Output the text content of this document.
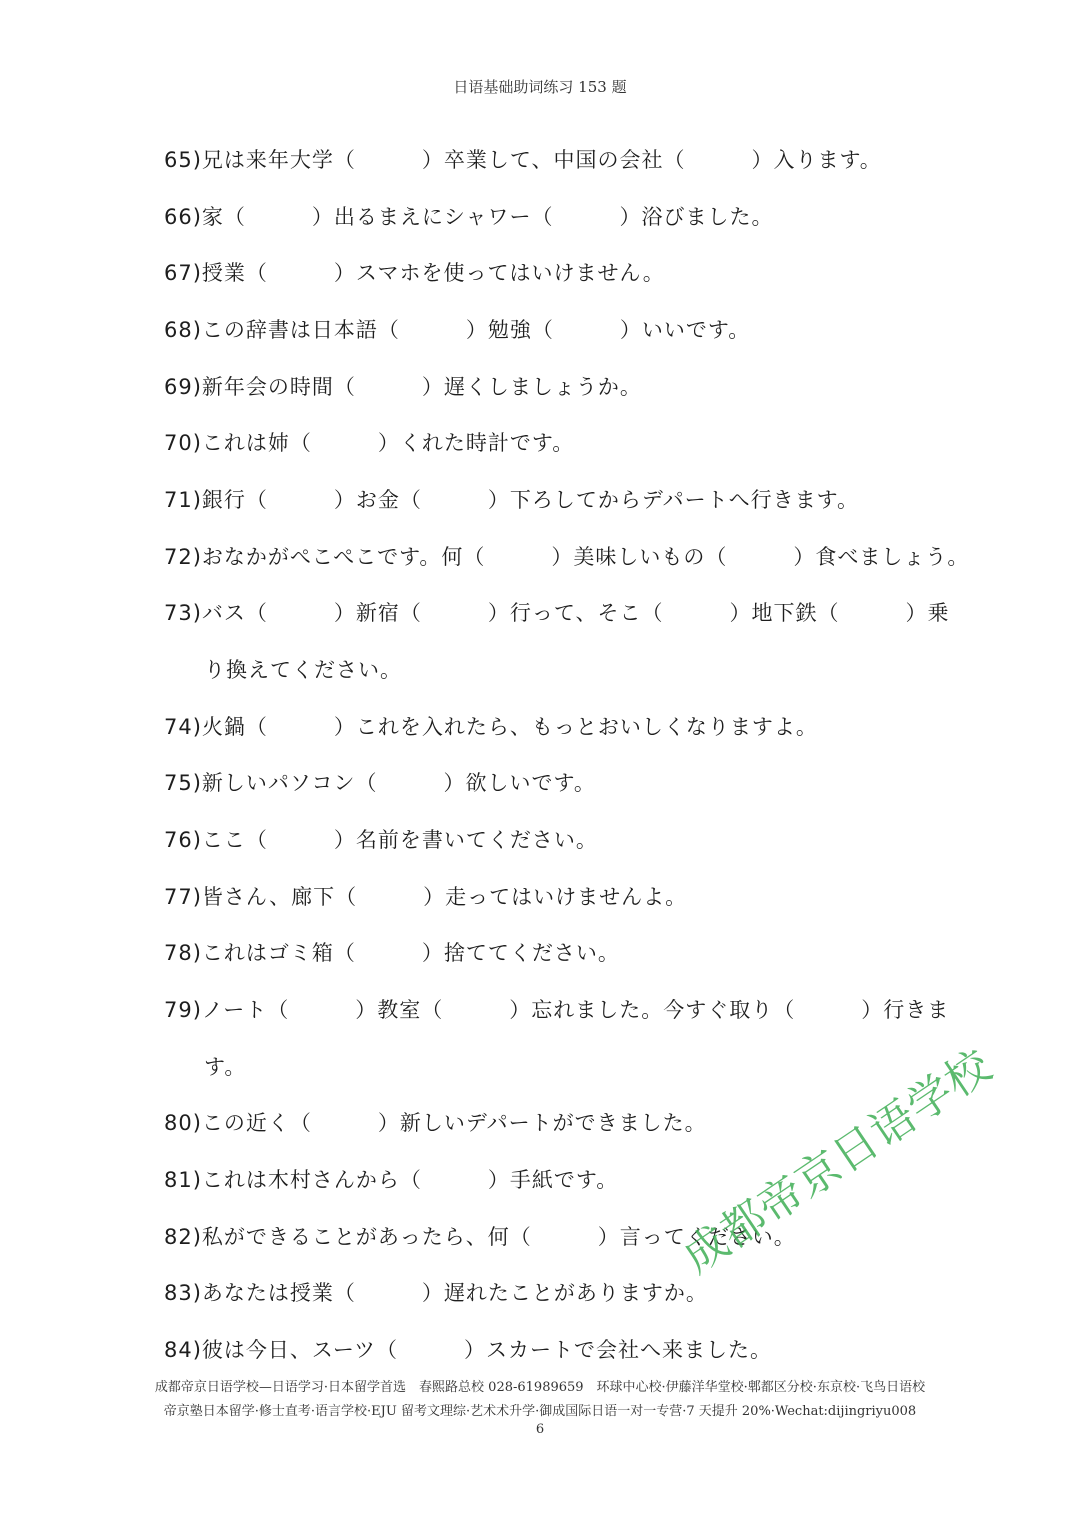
日语基础助词练习 153 题
65)兄は来年大学（　　　）卒業して、中国の会社（　　　）入ります。
66)家（　　　）出るまえにシャワー（　　　）浴びました。
67)授業（　　　）スマホを使ってはいけません。
68)この辞書は日本語（　　　）勉強（　　　）いいです。
69)新年会の時間（　　　）遅くしましょうか。
70)これは姉（　　　）くれた時計です。
71)銀行（　　　）お金（　　　）下ろしてからデパートへ行きます。
72)おなかがぺこぺこです。何（　　　）美味しいもの（　　　）食べましょう。
73)バス（　　　）新宿（　　　）行って、そこ（　　　）地下鉄（　　　）乗
り換えてください。
74)火鍋（　　　）これを入れたら、もっとおいしくなりますよ。
75)新しいパソコン（　　　）欲しいです。
76)ここ（　　　）名前を書いてください。
77)皆さん、廊下（　　　）走ってはいけませんよ。
78)これはゴミ箱（　　　）捨ててください。
79)ノート（　　　）教室（　　　）忘れました。今すぐ取り（　　　）行きま
す。
80)この近く（　　　）新しいデパートができました。
81)これは木村さんから（　　　）手紙です。
82)私ができることがあったら、何（　　　）言ってください。
83)あなたは授業（　　　）遅れたことがありますか。
84)彼は今日、スーツ（　　　）スカートで会社へ来ました。
成都帝京日语学校
成都帝京日语学校—日语学习·日本留学首选　春熙路总校 028-61989659　环球中心校·伊藤洋华堂校·郫都区分校·东京校·飞鸟日语校
帝京塾日本留学·修士直考·语言学校·EJU 留考文理综·艺术术升学·御成国际日语一对一专营·7 天提升 20%·Wechat:dijingriyu008
6
